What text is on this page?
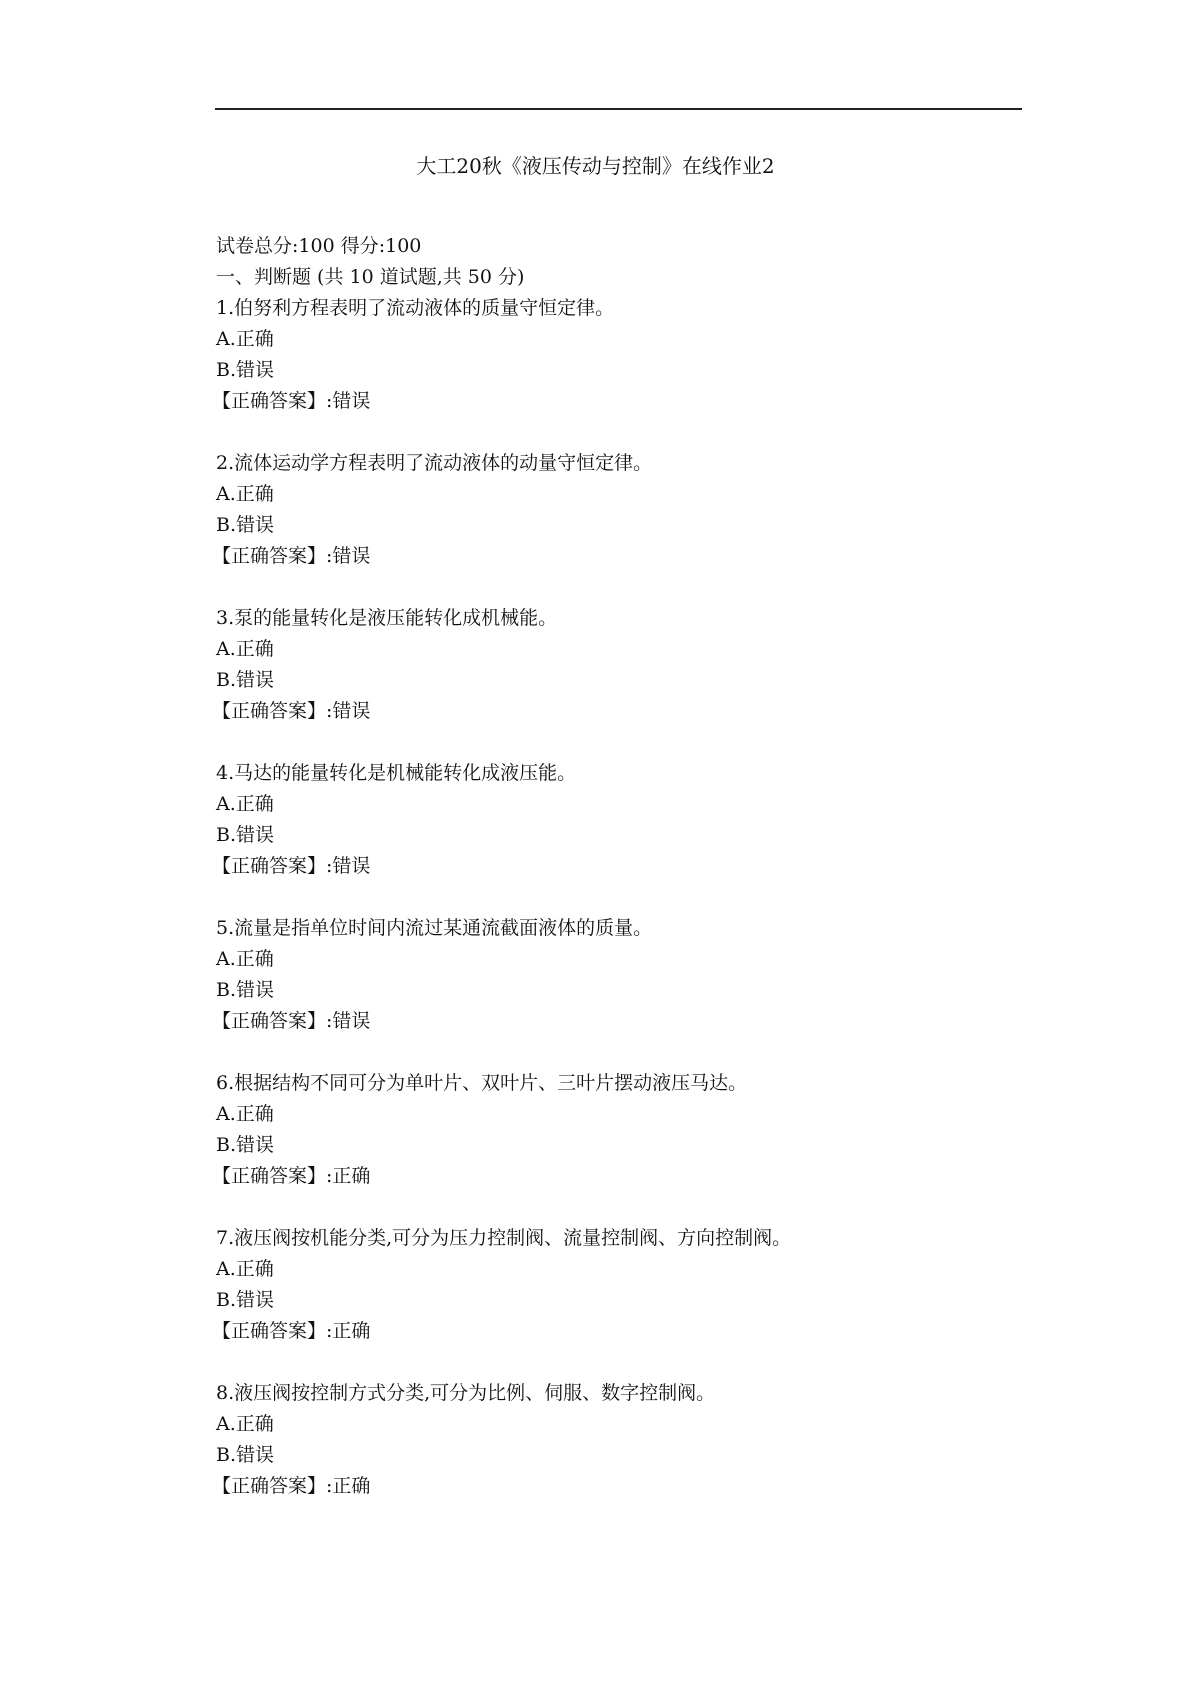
大工20秋《液压传动与控制》在线作业2
试卷总分:100 得分:100
一、判断题 (共 10 道试题,共 50 分)
1.伯努利方程表明了流动液体的质量守恒定律。
A.正确
B.错误
【正确答案】:错误
2.流体运动学方程表明了流动液体的动量守恒定律。
A.正确
B.错误
【正确答案】:错误
3.泵的能量转化是液压能转化成机械能。
A.正确
B.错误
【正确答案】:错误
4.马达的能量转化是机械能转化成液压能。
A.正确
B.错误
【正确答案】:错误
5.流量是指单位时间内流过某通流截面液体的质量。
A.正确
B.错误
【正确答案】:错误
6.根据结构不同可分为单叶片、双叶片、三叶片摆动液压马达。
A.正确
B.错误
【正确答案】:正确
7.液压阀按机能分类,可分为压力控制阀、流量控制阀、方向控制阀。
A.正确
B.错误
【正确答案】:正确
8.液压阀按控制方式分类,可分为比例、伺服、数字控制阀。
A.正确
B.错误
【正确答案】:正确
